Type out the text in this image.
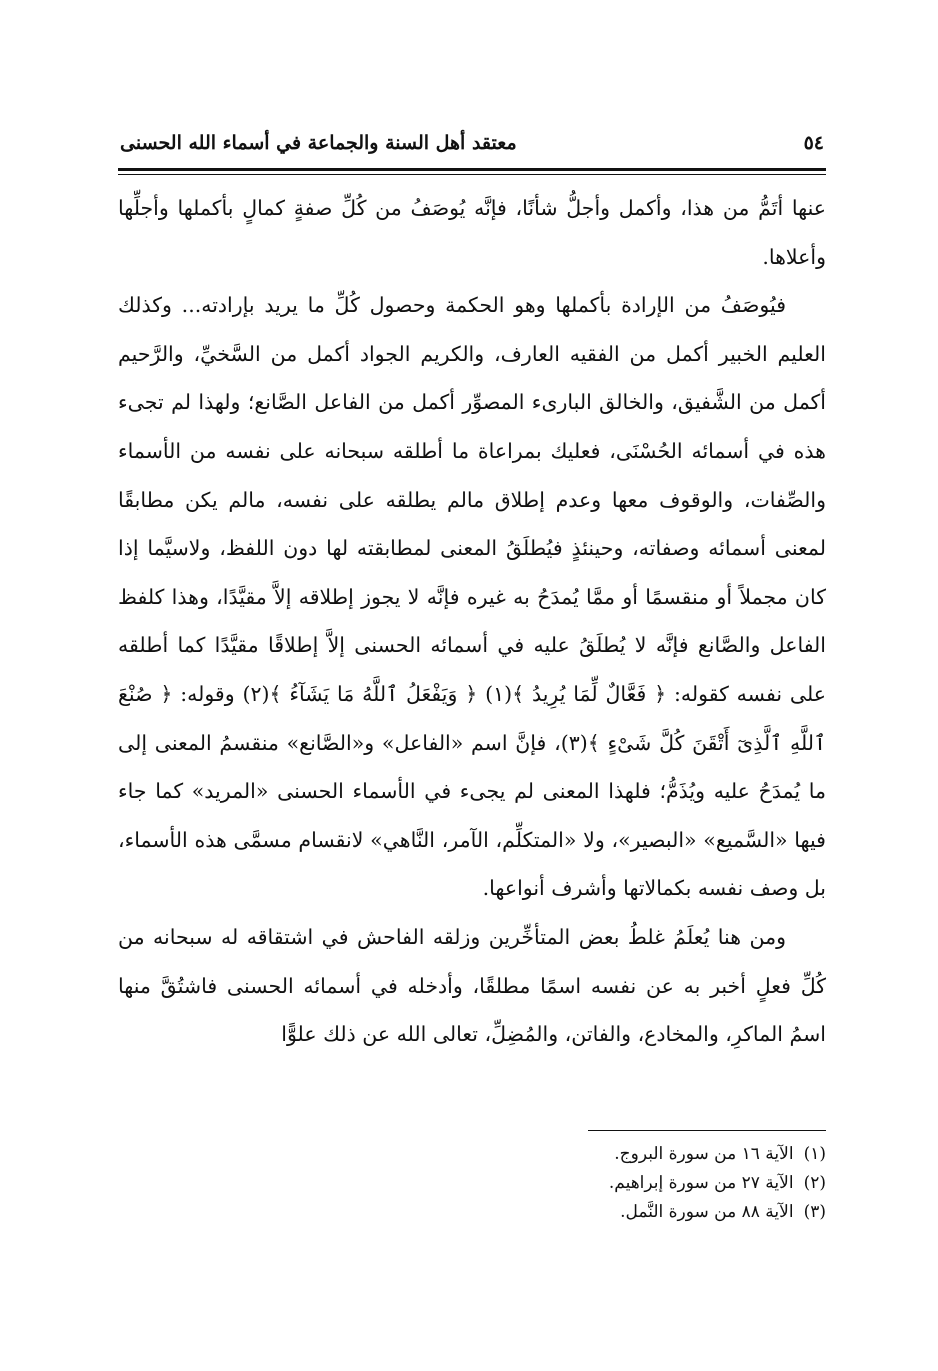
٥٤
معتقد أهل السنة والجماعة في أسماء الله الحسنى

عنها أتَمُّ من هذا، وأكمل وأجلُّ شأنًا، فإنَّه يُوصَفُ من كُلِّ صفةٍ كمالٍ بأكملها وأجلِّها وأعلاها.

فيُوصَفُ من الإرادة بأكملها وهو الحكمة وحصول كُلِّ ما يريد بإرادته... وكذلك العليم الخبير أكمل من الفقيه العارف، والكريم الجواد أكمل من السَّخيِّ، والرَّحيم أكمل من الشَّفيق، والخالق البارىء المصوِّر أكمل من الفاعل الصَّانع؛ ولهذا لم تجىء هذه في أسمائه الحُسْنَى، فعليك بمراعاة ما أطلقه سبحانه على نفسه من الأسماء والصِّفات، والوقوف معها وعدم إطلاق مالم يطلقه على نفسه، مالم يكن مطابقًا لمعنى أسمائه وصفاته، وحينئذٍ فيُطلَقُ المعنى لمطابقته لها دون اللفظ، ولاسيَّما إذا كان مجملاً أو منقسمًا أو ممَّا يُمدَحُ به غيره فإنَّه لا يجوز إطلاقه إلاَّ مقيَّدًا، وهذا كلفظ الفاعل والصَّانع فإنَّه لا يُطلَقُ عليه في أسمائه الحسنى إلاَّ إطلاقًا مقيَّدًا كما أطلقه على نفسه كقوله: ﴿ فَعَّالٌ لِّمَا يُرِيدُ ﴾(١) ﴿ وَيَفْعَلُ ٱللَّهُ مَا يَشَآءُ ﴾(٢) وقوله: ﴿ صُنْعَ ٱللَّهِ ٱلَّذِىٓ أَتْقَنَ كُلَّ شَىْءٍ ﴾(٣)، فإنَّ اسم «الفاعل» و«الصَّانع» منقسمُ المعنى إلى ما يُمدَحُ عليه ويُذَمُّ؛ فلهذا المعنى لم يجىء في الأسماء الحسنى «المريد» كما جاء فيها «السَّميع» «البصير»، ولا «المتكلِّم، الآمر، النَّاهي» لانقسام مسمَّى هذه الأسماء، بل وصف نفسه بكمالاتها وأشرف أنواعها.

ومن هنا يُعلَمُ غلطُ بعض المتأخِّرين وزلقه الفاحش في اشتقاقه له سبحانه من كُلِّ فعلٍ أخبر به عن نفسه اسمًا مطلقًا، وأدخله في أسمائه الحسنى فاشتُقَّ منها اسمُ الماكرِ، والمخادع، والفاتن، والمُضِلِّ، تعالى الله عن ذلك علوًّا

(١)
الآية ١٦ من سورة البروج.
(٢)
الآية ٢٧ من سورة إبراهيم.
(٣)
الآية ٨٨ من سورة النَّمل.
